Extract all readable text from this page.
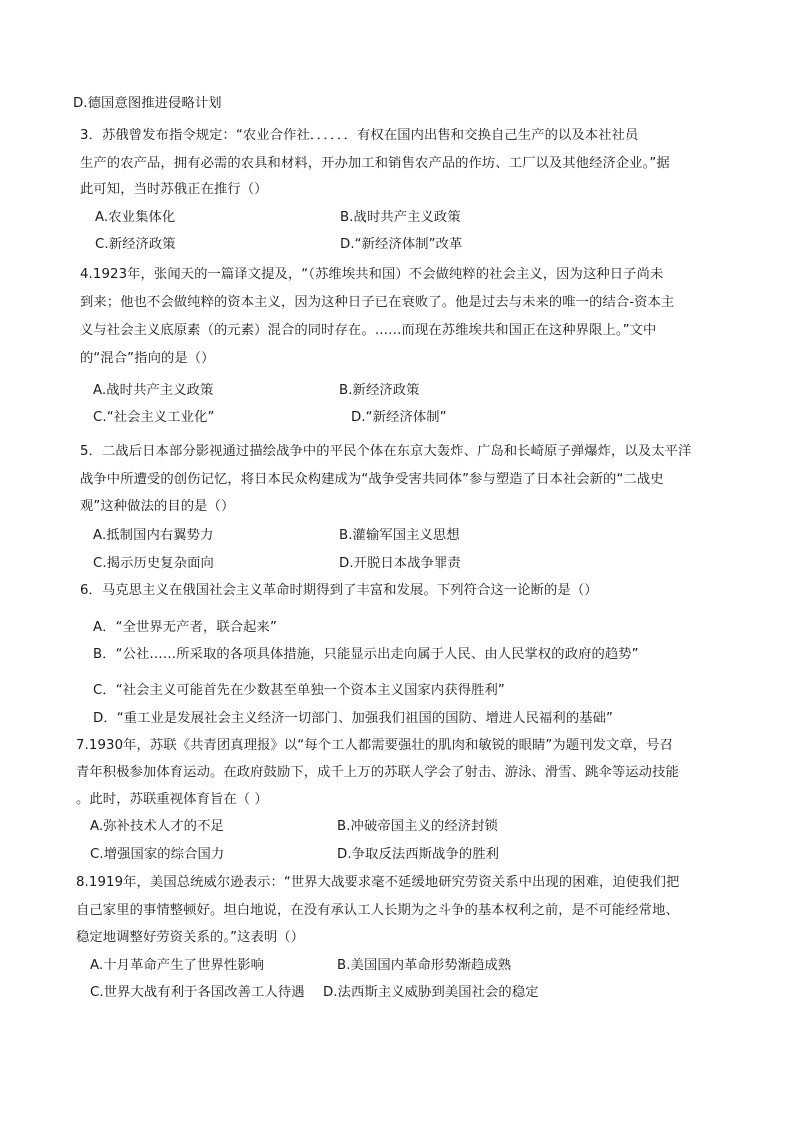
D.德国意图推进侵略计划
3．苏俄曾发布指令规定：“农业合作社．．．．．．有权在国内出售和交换自己生产的以及本社社员
生产的农产品，拥有必需的农具和材料，开办加工和销售农产品的作坊、工厂以及其他经济企业。”据
此可知，当时苏俄正在推行（）
A.农业集体化	B.战时共产主义政策
C.新经济政策	D.“新经济体制”改革
4.1923年，张闻天的一篇译文提及，“（苏维埃共和国）不会做纯粹的社会主义，因为这种日子尚未
到来；他也不会做纯粹的资本主义，因为这种日子已在衰败了。他是过去与未来的唯一的结合-资本主
义与社会主义底原素（的元素）混合的同时存在。……而现在苏维埃共和国正在这种界限上。”文中
的“混合”指向的是（）
A.战时共产主义政策	B.新经济政策
C.“社会主义工业化”	D.“新经济体制”
5．二战后日本部分影视通过描绘战争中的平民个体在东京大轰炸、广岛和长崎原子弹爆炸，以及太平洋
战争中所遭受的创伤记忆，将日本民众构建成为“战争受害共同体”参与塑造了日本社会新的“二战史
观”这种做法的目的是（）
A.抵制国内右翼势力	B.灌输军国主义思想
C.揭示历史复杂面向	D.开脱日本战争罪责
6．马克思主义在俄国社会主义革命时期得到了丰富和发展。下列符合这一论断的是（）
A．“全世界无产者，联合起来”
B．“公社……所采取的各项具体措施，只能显示出走向属于人民、由人民掌权的政府的趋势”
C．“社会主义可能首先在少数甚至单独一个资本主义国家内获得胜利”
D．“重工业是发展社会主义经济一切部门、加强我们祖国的国防、增进人民福利的基础”
7.1930年，苏联《共青团真理报》以“每个工人都需要强壮的肌肉和敏锐的眼睛”为题刊发文章，号召
青年积极参加体育运动。在政府鼓励下，成千上万的苏联人学会了射击、游泳、滑雪、跳伞等运动技能
。此时，苏联重视体育旨在（ ）
A.弥补技术人才的不足	B.冲破帝国主义的经济封锁
C.增强国家的综合国力	D.争取反法西斯战争的胜利
8.1919年，美国总统威尔逊表示：“世界大战要求毫不延缓地研究劳资关系中出现的困难，迫使我们把
自己家里的事情整顿好。坦白地说，在没有承认工人长期为之斗争的基本权利之前，是不可能经常地、
稳定地调整好劳资关系的。”这表明（）
A.十月革命产生了世界性影响	B.美国国内革命形势渐趋成熟
C.世界大战有利于各国改善工人待遇 D.法西斯主义威胁到美国社会的稳定
